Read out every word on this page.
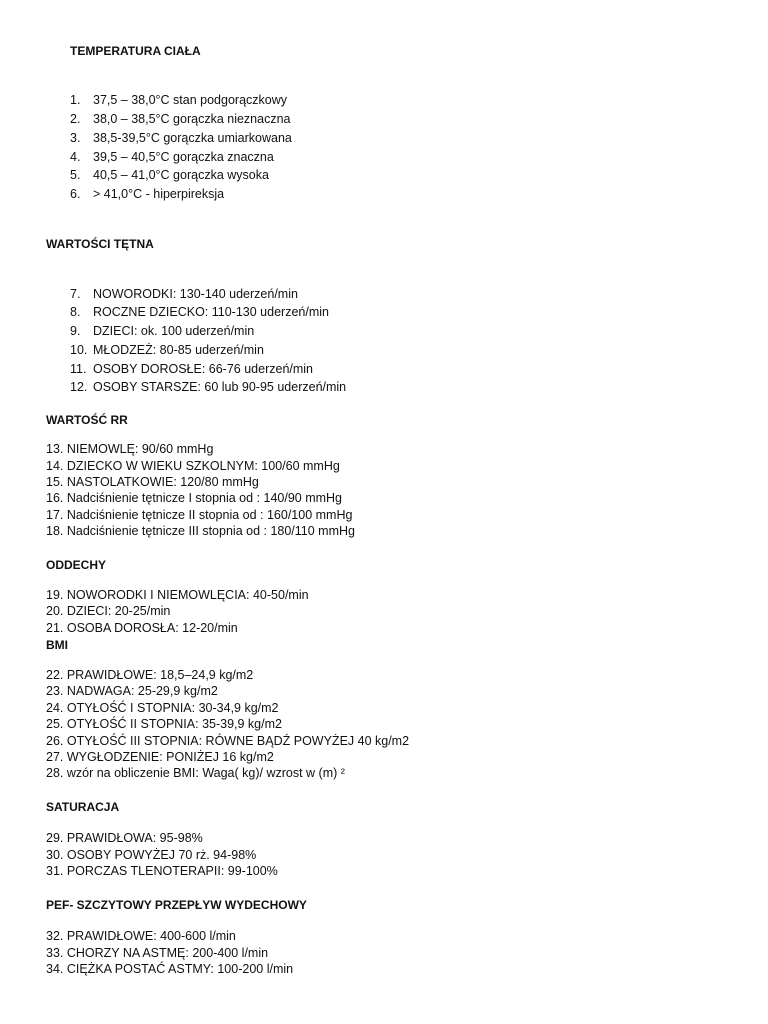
TEMPERATURA CIAŁA
1. 37,5 – 38,0°C stan podgorączkowy
2. 38,0 – 38,5°C gorączka nieznaczna
3. 38,5-39,5°C gorączka umiarkowana
4. 39,5 – 40,5°C gorączka znaczna
5. 40,5 – 41,0°C gorączka wysoka
6. > 41,0°C - hiperpireksja
WARTOŚCI TĘTNA
7. NOWORODKI: 130-140 uderzeń/min
8. ROCZNE DZIECKO: 110-130 uderzeń/min
9. DZIECI: ok. 100 uderzeń/min
10. MŁODZEŻ: 80-85 uderzeń/min
11. OSOBY DOROSŁE: 66-76 uderzeń/min
12. OSOBY STARSZE: 60 lub 90-95 uderzeń/min
WARTOŚĆ RR
13. NIEMOWLĘ: 90/60 mmHg
14. DZIECKO W WIEKU SZKOLNYM: 100/60 mmHg
15. NASTOLATKOWIE: 120/80 mmHg
16. Nadciśnienie tętnicze I stopnia od : 140/90 mmHg
17. Nadciśnienie tętnicze II stopnia od : 160/100 mmHg
18. Nadciśnienie tętnicze III stopnia od : 180/110 mmHg
ODDECHY
19. NOWORODKI I NIEMOWLĘCIA: 40-50/min
20. DZIECI: 20-25/min
21. OSOBA DOROSŁA: 12-20/min
BMI
22. PRAWIDŁOWE: 18,5–24,9 kg/m2
23. NADWAGA: 25-29,9 kg/m2
24. OTYŁOŚĆ I STOPNIA: 30-34,9 kg/m2
25. OTYŁOŚĆ II STOPNIA: 35-39,9 kg/m2
26. OTYŁOŚĆ III STOPNIA: RÓWNE BĄDŹ POWYŻEJ 40 kg/m2
27. WYGŁODZENIE: PONIŻEJ 16 kg/m2
28. wzór na obliczenie BMI: Waga( kg)/ wzrost w (m) ²
SATURACJA
29. PRAWIDŁOWA: 95-98%
30. OSOBY POWYŻEJ 70 rż. 94-98%
31. PORCZAS TLENOTERAPII: 99-100%
PEF- SZCZYTOWY PRZEPŁYW WYDECHOWY
32. PRAWIDŁOWE: 400-600 l/min
33. CHORZY NA ASTMĘ: 200-400 l/min
34. CIĘŻKA POSTAĆ ASTMY: 100-200 l/min
